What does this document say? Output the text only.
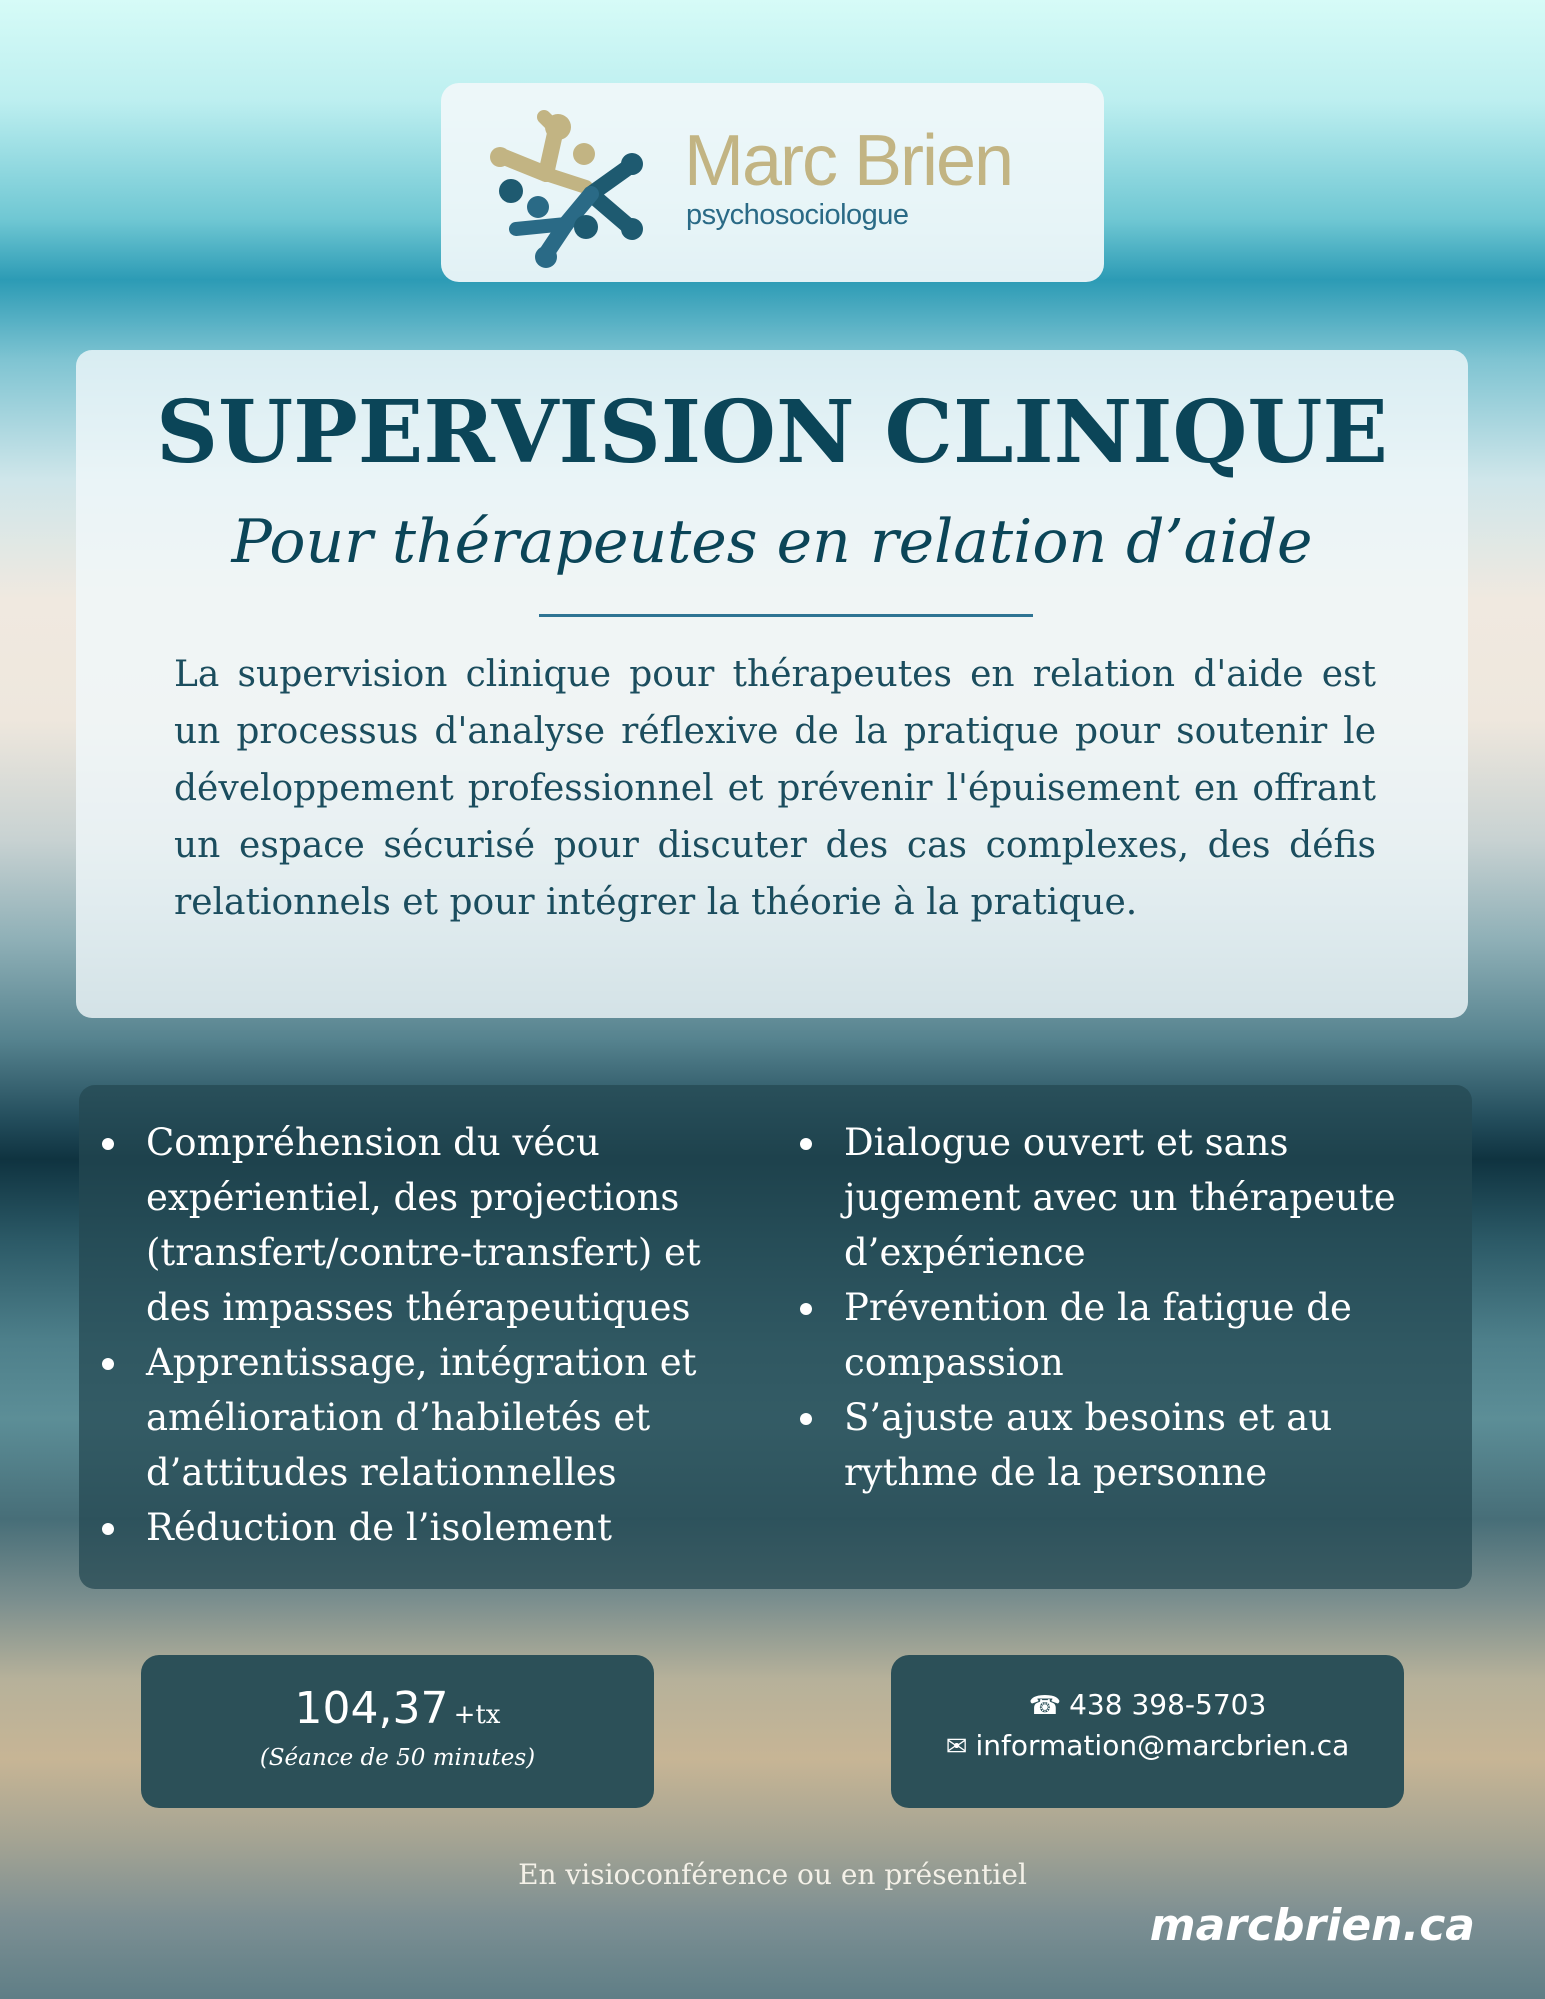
Marc Brien
psychosociologue
SUPERVISION CLINIQUE
Pour thérapeutes en relation d’aide

La supervision clinique pour thérapeutes en relation d'aide est un processus d'analyse réflexive de la pratique pour soutenir le développement professionnel et prévenir l'épuisement en offrant un espace sécurisé pour discuter des cas complexes, des défis relationnels et pour intégrer la théorie à la pratique.

Compréhension du vécu expérientiel, des projections (transfert/contre-transfert) et des impasses thérapeutiques
Apprentissage, intégration et amélioration d’habiletés et d’attitudes relationnelles
Réduction de l’isolement
Dialogue ouvert et sans jugement avec un thérapeute d’expérience
Prévention de la fatigue de compassion
S’ajuste aux besoins et au rythme de la personne
104,37 +tx
(Séance de 50 minutes)
☎ 438 398-5703
✉ information@marcbrien.ca
En visioconférence ou en présentiel
marcbrien.ca
